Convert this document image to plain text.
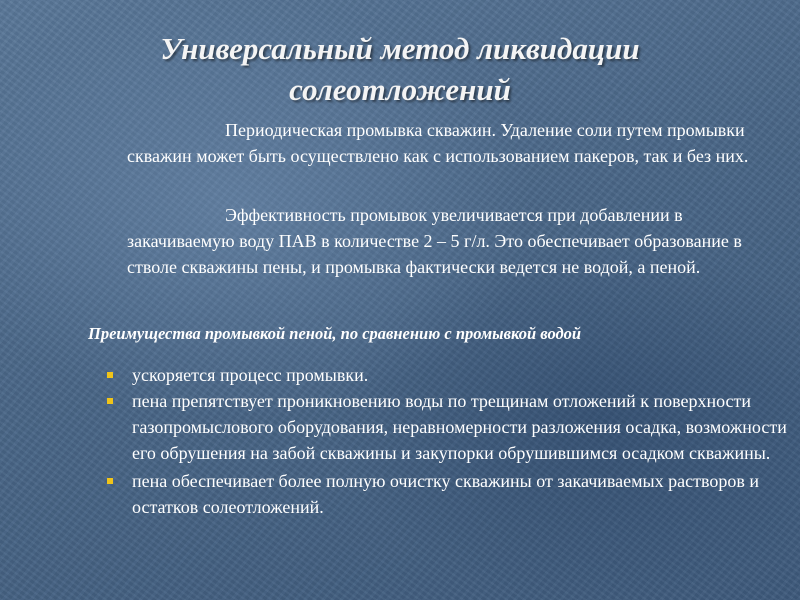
Универсальный метод ликвидации
солеотложений

Периодическая промывка скважин. Удаление соли путем промывки скважин может быть осуществлено как с использованием пакеров, так и без них.

Эффективность промывок увеличивается при добавлении в закачиваемую воду ПАВ в количестве 2 – 5 г/л. Это обеспечивает образование в стволе скважины пены, и промывка фактически ведется не водой, а пеной.

Преимущества промывкой пеной, по сравнению с промывкой водой

ускоряется процесс промывки.
пена препятствует проникновению воды по трещинам отложений к поверхности газопромыслового оборудования, неравномерности разложения осадка, возможности его обрушения на забой скважины и закупорки обрушившимся осадком скважины.
пена обеспечивает более полную очистку скважины от закачиваемых растворов и остатков солеотложений.
